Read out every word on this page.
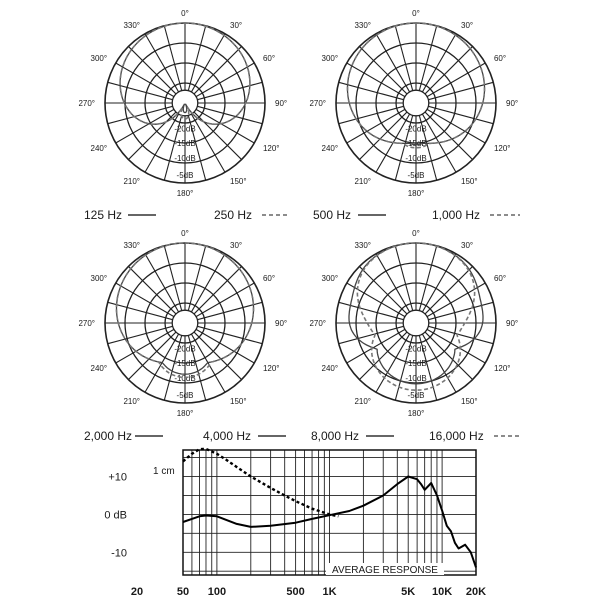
0°
30°
60°
90°
120°
150°
180°
210°
240°
270°
300°
330°
-20dB
-15dB
-10dB
-5dB
0°
30°
60°
90°
120°
150°
180°
210°
240°
270°
300°
330°
-20dB
-15dB
-10dB
-5dB
0°
30°
60°
90°
120°
150°
180°
210°
240°
270°
300°
330°
-20dB
-15dB
-10dB
-5dB
0°
30°
60°
90°
120°
150°
180°
210°
240°
270°
300°
330°
-20dB
-15dB
-10dB
-5dB
125 Hz	250 Hz	500 Hz	1,000 Hz
2,000 Hz	4,000 Hz	8,000 Hz	16,000 Hz
AVERAGE RESPONSE
20	50 100	500 1K	5K 10K 20K
+10
0 dB
-10
1 cm
